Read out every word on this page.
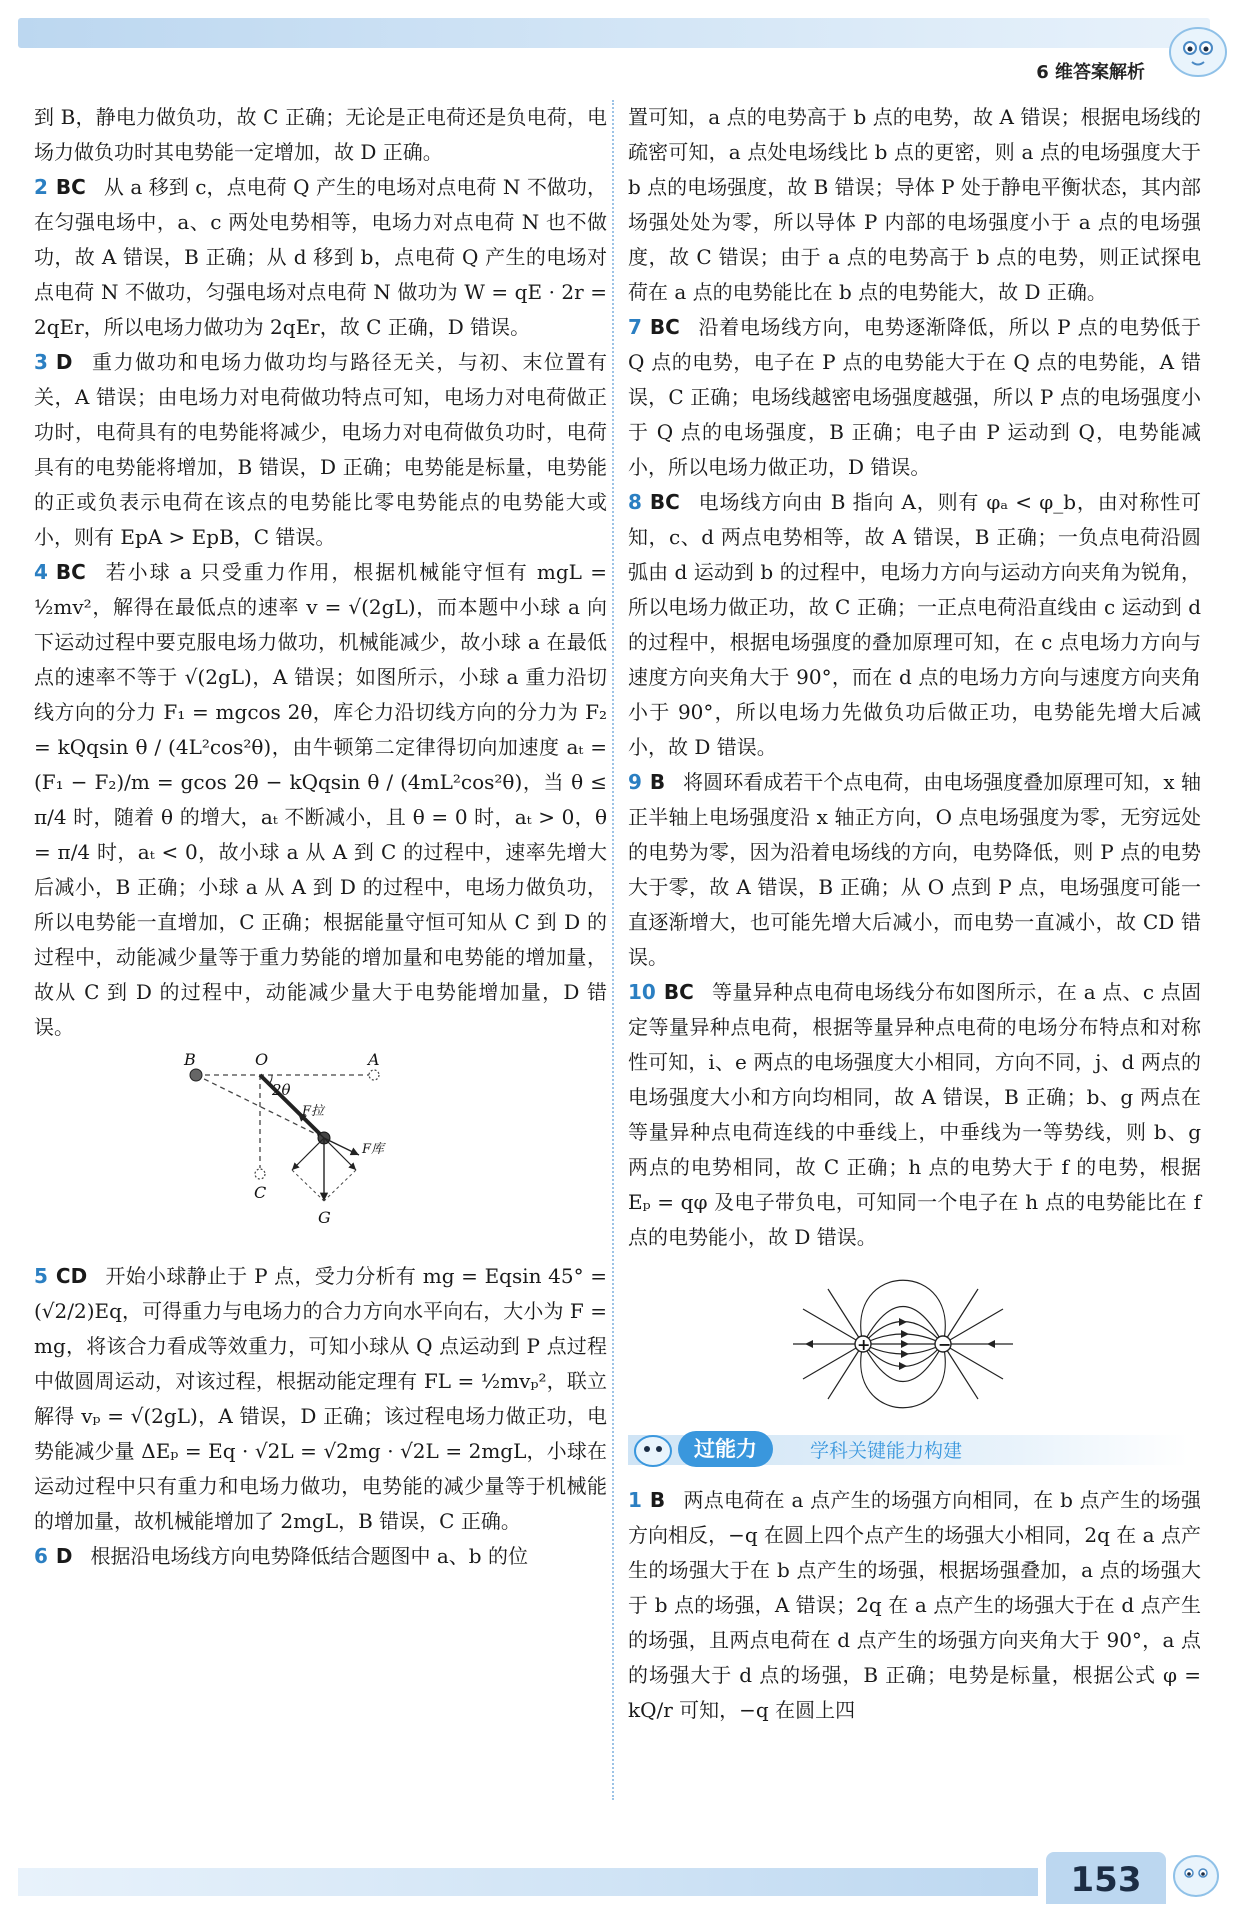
6 维答案解析

到 B，静电力做负功，故 C 正确；无论是正电荷还是负电荷，电场力做负功时其电势能一定增加，故 D 正确。

2 BC 从 a 移到 c，点电荷 Q 产生的电场对点电荷 N 不做功，在匀强电场中，a、c 两处电势相等，电场力对点电荷 N 也不做功，故 A 错误，B 正确；从 d 移到 b，点电荷 Q 产生的电场对点电荷 N 不做功，匀强电场对点电荷 N 做功为 W = qE · 2r = 2qEr，所以电场力做功为 2qEr，故 C 正确，D 错误。

3 D 重力做功和电场力做功均与路径无关，与初、末位置有关，A 错误；由电场力对电荷做功特点可知，电场力对电荷做正功时，电荷具有的电势能将减少，电场力对电荷做负功时，电荷具有的电势能将增加，B 错误，D 正确；电势能是标量，电势能的正或负表示电荷在该点的电势能比零电势能点的电势能大或小，则有 EpA > EpB，C 错误。

4 BC 若小球 a 只受重力作用，根据机械能守恒有 mgL = ½mv²，解得在最低点的速率 v = √(2gL)，而本题中小球 a 向下运动过程中要克服电场力做功，机械能减少，故小球 a 在最低点的速率不等于 √(2gL)，A 错误；如图所示，小球 a 重力沿切线方向的分力 F₁ = mgcos 2θ，库仑力沿切线方向的分力为 F₂ = kQqsin θ / (4L²cos²θ)，由牛顿第二定律得切向加速度 aₜ = (F₁ − F₂)/m = gcos 2θ − kQqsin θ / (4mL²cos²θ)，当 θ ≤ π/4 时，随着 θ 的增大，aₜ 不断减小，且 θ = 0 时，aₜ > 0，θ = π/4 时，aₜ < 0，故小球 a 从 A 到 C 的过程中，速率先增大后减小，B 正确；小球 a 从 A 到 D 的过程中，电场力做负功，所以电势能一直增加，C 正确；根据能量守恒可知从 C 到 D 的过程中，动能减少量等于重力势能的增加量和电势能的增加量，故从 C 到 D 的过程中，动能减少量大于电势能增加量，D 错误。

B	O	A
C
G
2θ
F拉
F库

5 CD 开始小球静止于 P 点，受力分析有 mg = Eqsin 45° = (√2/2)Eq，可得重力与电场力的合力方向水平向右，大小为 F = mg，将该合力看成等效重力，可知小球从 Q 点运动到 P 点过程中做圆周运动，对该过程，根据动能定理有 FL = ½mvₚ²，联立解得 vₚ = √(2gL)，A 错误，D 正确；该过程电场力做正功，电势能减少量 ΔEₚ = Eq · √2L = √2mg · √2L = 2mgL，小球在运动过程中只有重力和电场力做功，电势能的减少量等于机械能的增加量，故机械能增加了 2mgL，B 错误，C 正确。

6 D 根据沿电场线方向电势降低结合题图中 a、b 的位

置可知，a 点的电势高于 b 点的电势，故 A 错误；根据电场线的疏密可知，a 点处电场线比 b 点的更密，则 a 点的电场强度大于 b 点的电场强度，故 B 错误；导体 P 处于静电平衡状态，其内部场强处处为零，所以导体 P 内部的电场强度小于 a 点的电场强度，故 C 错误；由于 a 点的电势高于 b 点的电势，则正试探电荷在 a 点的电势能比在 b 点的电势能大，故 D 正确。

7 BC 沿着电场线方向，电势逐渐降低，所以 P 点的电势低于 Q 点的电势，电子在 P 点的电势能大于在 Q 点的电势能，A 错误，C 正确；电场线越密电场强度越强，所以 P 点的电场强度小于 Q 点的电场强度，B 正确；电子由 P 运动到 Q，电势能减小，所以电场力做正功，D 错误。

8 BC 电场线方向由 B 指向 A，则有 φₐ < φ_b，由对称性可知，c、d 两点电势相等，故 A 错误，B 正确；一负点电荷沿圆弧由 d 运动到 b 的过程中，电场力方向与运动方向夹角为锐角，所以电场力做正功，故 C 正确；一正点电荷沿直线由 c 运动到 d 的过程中，根据电场强度的叠加原理可知，在 c 点电场力方向与速度方向夹角大于 90°，而在 d 点的电场力方向与速度方向夹角小于 90°，所以电场力先做负功后做正功，电势能先增大后减小，故 D 错误。

9 B 将圆环看成若干个点电荷，由电场强度叠加原理可知，x 轴正半轴上电场强度沿 x 轴正方向，O 点电场强度为零，无穷远处的电势为零，因为沿着电场线的方向，电势降低，则 P 点的电势大于零，故 A 错误，B 正确；从 O 点到 P 点，电场强度可能一直逐渐增大，也可能先增大后减小，而电势一直减小，故 CD 错误。

10 BC 等量异种点电荷电场线分布如图所示，在 a 点、c 点固定等量异种点电荷，根据等量异种点电荷的电场分布特点和对称性可知，i、e 两点的电场强度大小相同，方向不同，j、d 两点的电场强度大小和方向均相同，故 A 错误，B 正确；b、g 两点在等量异种点电荷连线的中垂线上，中垂线为一等势线，则 b、g 两点的电势相同，故 C 正确；h 点的电势大于 f 的电势，根据 Eₚ = qφ 及电子带负电，可知同一个电子在 h 点的电势能比在 f 点的电势能小，故 D 错误。

+	−
过能力	学科关键能力构建

1 B 两点电荷在 a 点产生的场强方向相同，在 b 点产生的场强方向相反，−q 在圆上四个点产生的场强大小相同，2q 在 a 点产生的场强大于在 b 点产生的场强，根据场强叠加，a 点的场强大于 b 点的场强，A 错误；2q 在 a 点产生的场强大于在 d 点产生的场强，且两点电荷在 d 点产生的场强方向夹角大于 90°，a 点的场强大于 d 点的场强，B 正确；电势是标量，根据公式 φ = kQ/r 可知，−q 在圆上四

153
